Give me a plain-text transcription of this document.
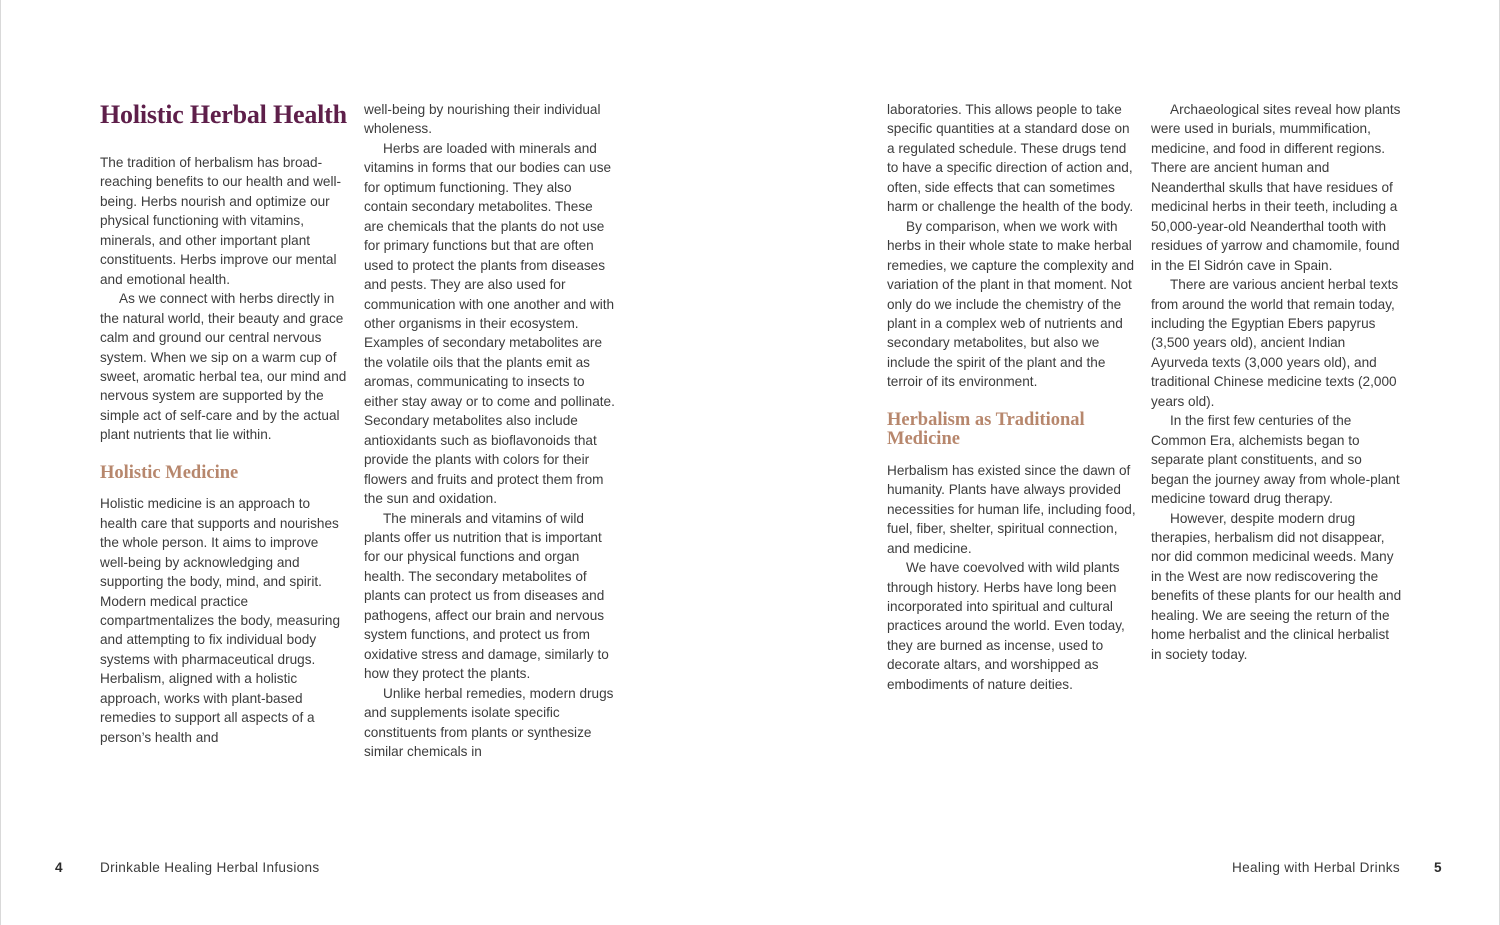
Holistic Herbal Health

The tradition of herbalism has broad-reaching benefits to our health and well-being. Herbs nourish and optimize our physical functioning with vitamins, minerals, and other important plant constituents. Herbs improve our mental and emotional health.

As we connect with herbs directly in the natural world, their beauty and grace calm and ground our central nervous system. When we sip on a warm cup of sweet, aromatic herbal tea, our mind and nervous system are supported by the simple act of self-care and by the actual plant nutrients that lie within.

Holistic Medicine

Holistic medicine is an approach to health care that supports and nourishes the whole person. It aims to improve well-being by acknowledging and supporting the body, mind, and spirit. Modern medical practice compartmentalizes the body, measuring and attempting to fix individual body systems with pharmaceutical drugs. Herbalism, aligned with a holistic approach, works with plant-based remedies to support all aspects of a person’s health and

well-being by nourishing their individual wholeness.

Herbs are loaded with minerals and vitamins in forms that our bodies can use for optimum functioning. They also contain secondary metabolites. These are chemicals that the plants do not use for primary functions but that are often used to protect the plants from diseases and pests. They are also used for communication with one another and with other organisms in their ecosystem. Examples of secondary metabolites are the volatile oils that the plants emit as aromas, communicating to insects to either stay away or to come and pollinate. Secondary metabolites also include antioxidants such as bioflavonoids that provide the plants with colors for their flowers and fruits and protect them from the sun and oxidation.

The minerals and vitamins of wild plants offer us nutrition that is important for our physical functions and organ health. The secondary metabolites of plants can protect us from diseases and pathogens, affect our brain and nervous system functions, and protect us from oxidative stress and damage, similarly to how they protect the plants.

Unlike herbal remedies, modern drugs and supplements isolate specific constituents from plants or synthesize similar chemicals in

laboratories. This allows people to take specific quantities at a standard dose on a regulated schedule. These drugs tend to have a specific direction of action and, often, side effects that can sometimes harm or challenge the health of the body.

By comparison, when we work with herbs in their whole state to make herbal remedies, we capture the complexity and variation of the plant in that moment. Not only do we include the chemistry of the plant in a complex web of nutrients and secondary metabolites, but also we include the spirit of the plant and the terroir of its environment.

Herbalism as Traditional Medicine

Herbalism has existed since the dawn of humanity. Plants have always provided necessities for human life, including food, fuel, fiber, shelter, spiritual connection, and medicine.

We have coevolved with wild plants through history. Herbs have long been incorporated into spiritual and cultural practices around the world. Even today, they are burned as incense, used to decorate altars, and worshipped as embodiments of nature deities.

Archaeological sites reveal how plants were used in burials, mummification, medicine, and food in different regions. There are ancient human and Neanderthal skulls that have residues of medicinal herbs in their teeth, including a 50,000-year-old Neanderthal tooth with residues of yarrow and chamomile, found in the El Sidrón cave in Spain.

There are various ancient herbal texts from around the world that remain today, including the Egyptian Ebers papyrus (3,500 years old), ancient Indian Ayurveda texts (3,000 years old), and traditional Chinese medicine texts (2,000 years old).

In the first few centuries of the Common Era, alchemists began to separate plant constituents, and so began the journey away from whole-plant medicine toward drug therapy.

However, despite modern drug therapies, herbalism did not disappear, nor did common medicinal weeds. Many in the West are now rediscovering the benefits of these plants for our health and healing. We are seeing the return of the home herbalist and the clinical herbalist in society today.

4	Drinkable Healing Herbal Infusions	Healing with Herbal Drinks	5
